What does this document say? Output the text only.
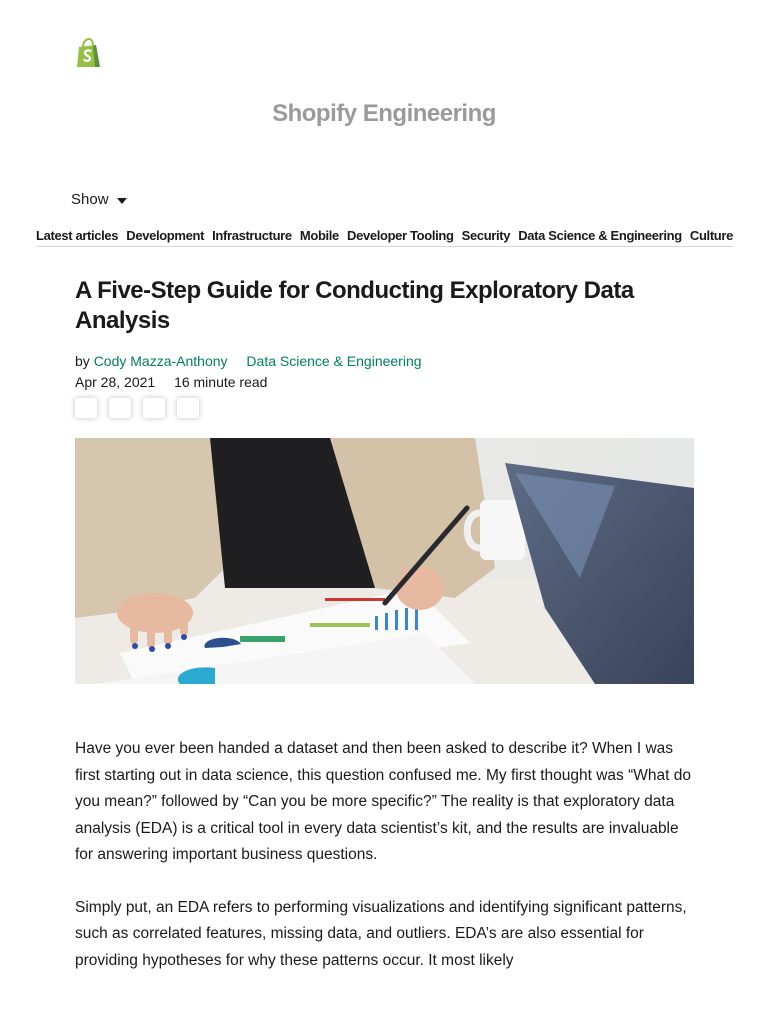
Shopify Engineering
Show
Latest articles Development Infrastructure Mobile Developer Tooling Security Data Science & Engineering Culture
A Five-Step Guide for Conducting Exploratory Data Analysis
by Cody Mazza-Anthony Data Science & Engineering
Apr 28, 2021 16 minute read

Have you ever been handed a dataset and then been asked to describe it? When I was first starting out in data science, this question confused me. My first thought was “What do you mean?” followed by “Can you be more specific?” The reality is that exploratory data analysis (EDA) is a critical tool in every data scientist’s kit, and the results are invaluable for answering important business questions.

Simply put, an EDA refers to performing visualizations and identifying significant patterns, such as correlated features, missing data, and outliers. EDA’s are also essential for providing hypotheses for why these patterns occur. It most likely
